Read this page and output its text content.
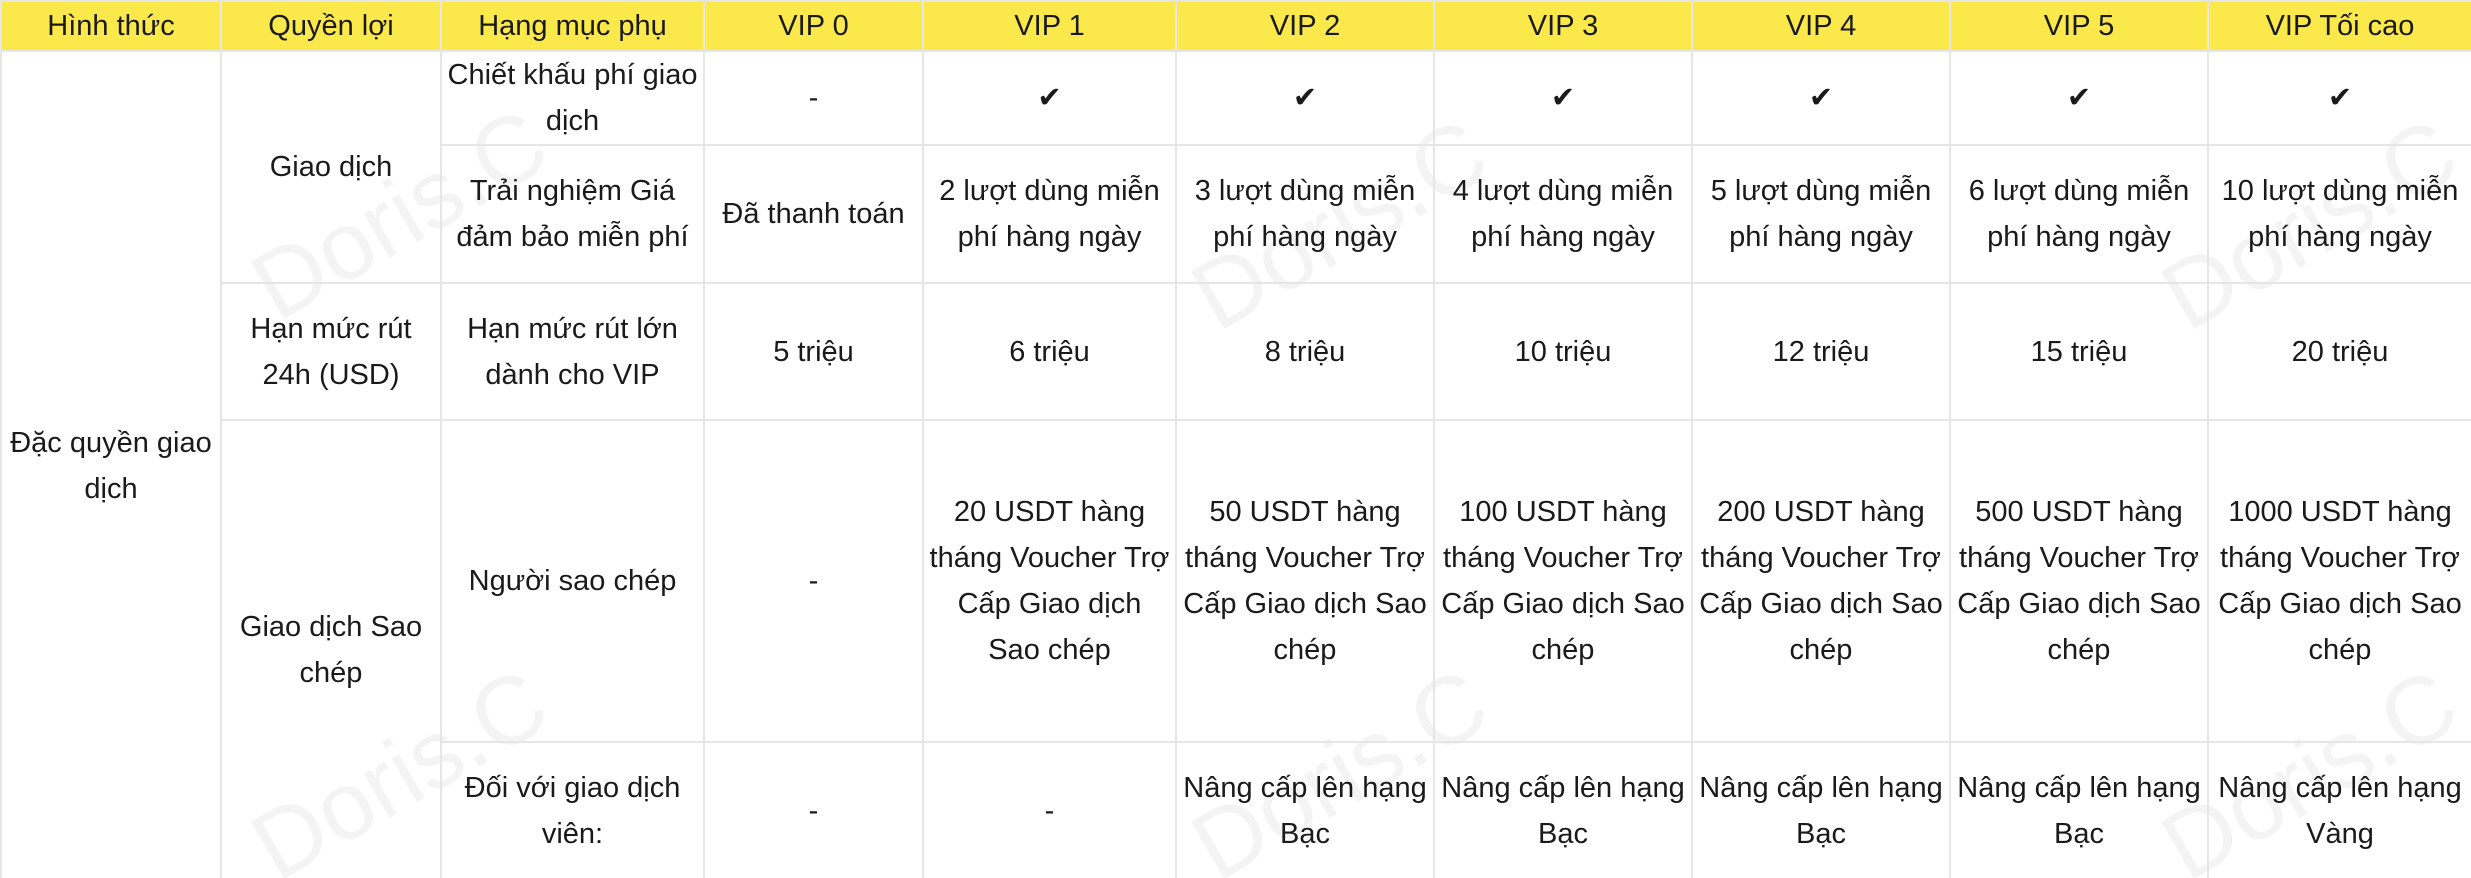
Hình thức	Quyền lợi	Hạng mục phụ	VIP 0	VIP 1	VIP 2	VIP 3	VIP 4	VIP 5	VIP Tối cao
Đặc quyền giao dịch	Giao dịch	Chiết khấu phí giao dịch	-	✔	✔	✔	✔	✔	✔
		Trải nghiệm Giá đảm bảo miễn phí	Đã thanh toán	2 lượt dùng miễn phí hàng ngày	3 lượt dùng miễn phí hàng ngày	4 lượt dùng miễn phí hàng ngày	5 lượt dùng miễn phí hàng ngày	6 lượt dùng miễn phí hàng ngày	10 lượt dùng miễn phí hàng ngày
	Hạn mức rút 24h (USD)	Hạn mức rút lớn dành cho VIP	5 triệu	6 triệu	8 triệu	10 triệu	12 triệu	15 triệu	20 triệu
	Giao dịch Sao chép	Người sao chép	-	20 USDT hàng tháng Voucher Trợ Cấp Giao dịch Sao chép	50 USDT hàng tháng Voucher Trợ Cấp Giao dịch Sao chép	100 USDT hàng tháng Voucher Trợ Cấp Giao dịch Sao chép	200 USDT hàng tháng Voucher Trợ Cấp Giao dịch Sao chép	500 USDT hàng tháng Voucher Trợ Cấp Giao dịch Sao chép	1000 USDT hàng tháng Voucher Trợ Cấp Giao dịch Sao chép
		Đối với giao dịch viên:	-	-	Nâng cấp lên hạng Bạc	Nâng cấp lên hạng Bạc	Nâng cấp lên hạng Bạc	Nâng cấp lên hạng Bạc	Nâng cấp lên hạng Vàng
